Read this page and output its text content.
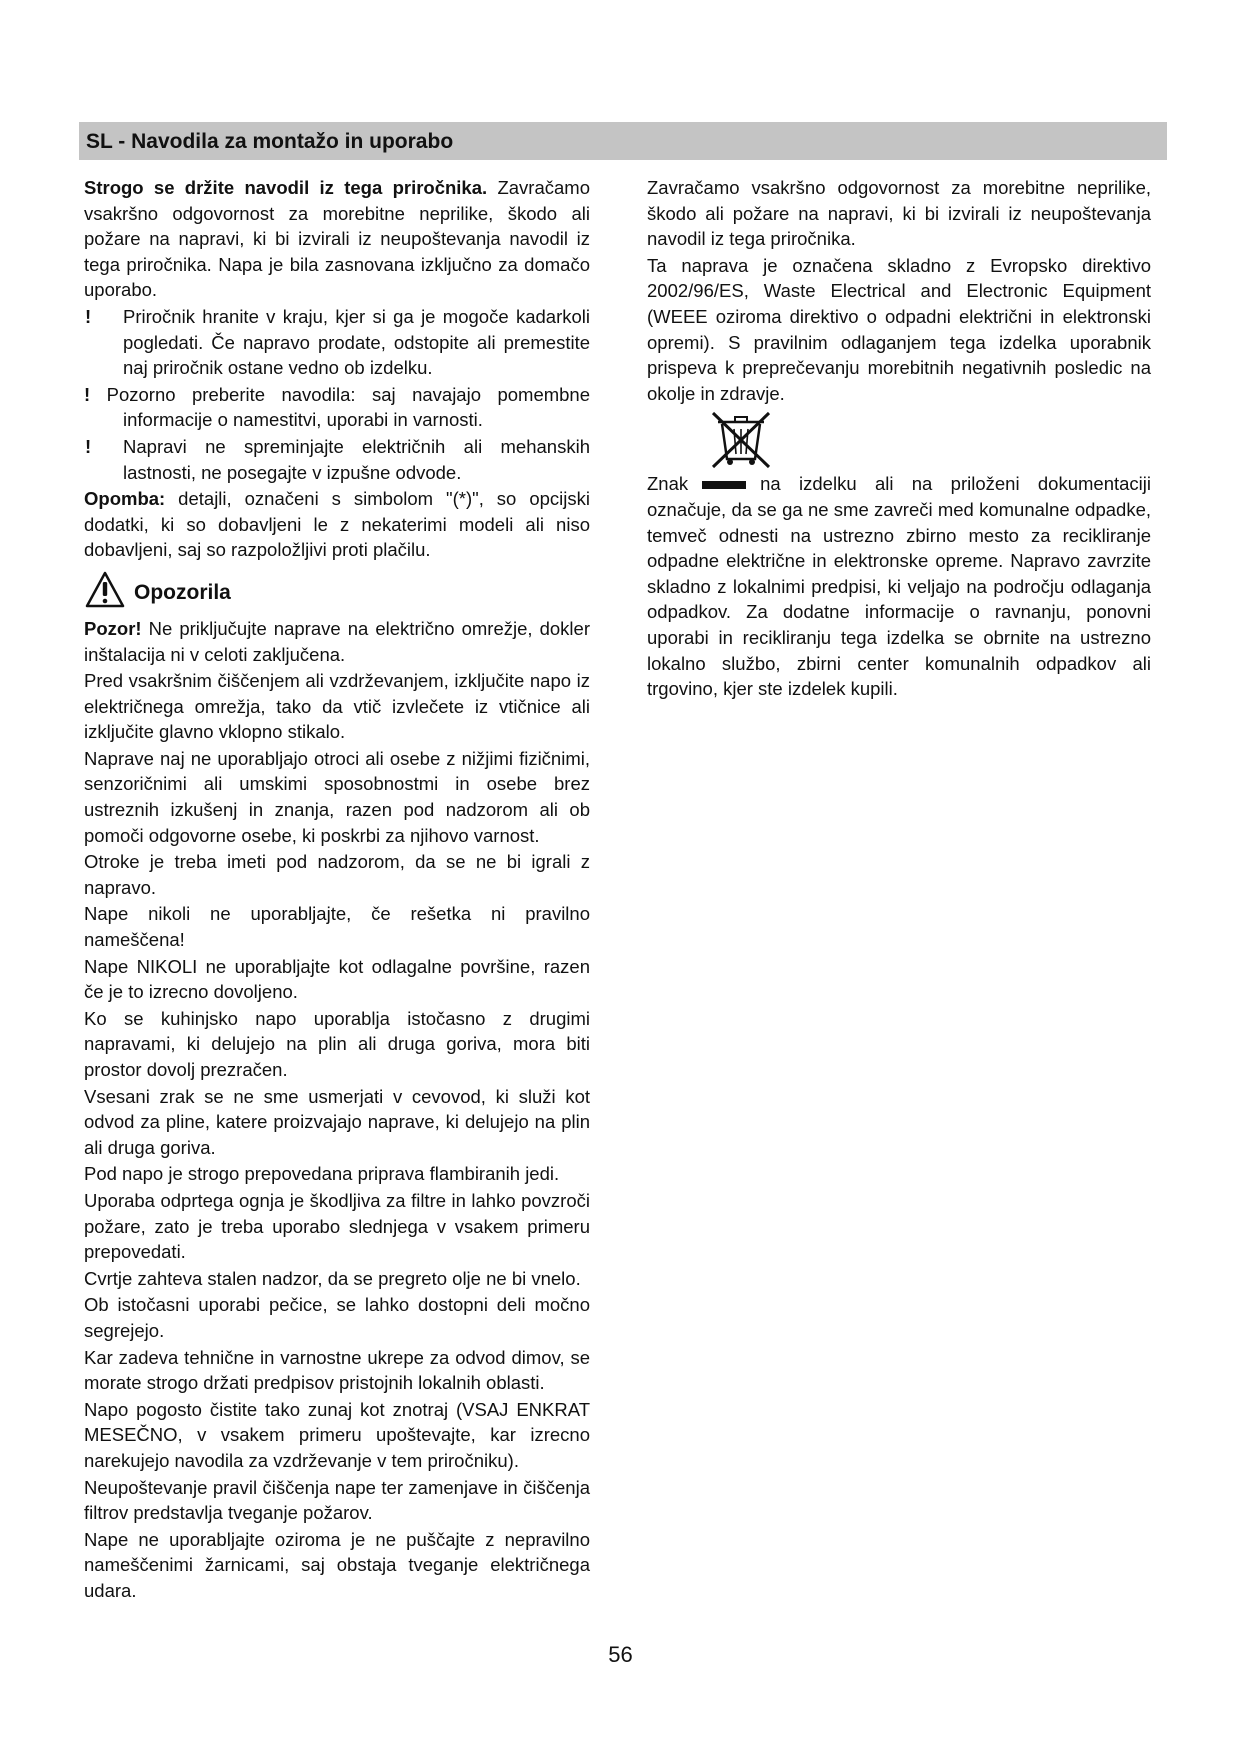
SL - Navodila za montažo in uporabo

Strogo se držite navodil iz tega priročnika. Zavračamo vsakršno odgovornost za morebitne neprilike, škodo ali požare na napravi, ki bi izvirali iz neupoštevanja navodil iz tega priročnika. Napa je bila zasnovana izključno za domačo uporabo.

! Priročnik hranite v kraju, kjer si ga je mogoče kadarkoli pogledati. Če napravo prodate, odstopite ali premestite naj priročnik ostane vedno ob izdelku.

! Pozorno preberite navodila: saj navajajo pomembne informacije o namestitvi, uporabi in varnosti.

! Napravi ne spreminjajte električnih ali mehanskih lastnosti, ne posegajte v izpušne odvode.

Opomba: detajli, označeni s simbolom "(*)", so opcijski dodatki, ki so dobavljeni le z nekaterimi modeli ali niso dobavljeni, saj so razpoložljivi proti plačilu.

Opozorila

Pozor! Ne priključujte naprave na električno omrežje, dokler inštalacija ni v celoti zaključena.

Pred vsakršnim čiščenjem ali vzdrževanjem, izključite napo iz električnega omrežja, tako da vtič izvlečete iz vtičnice ali izključite glavno vklopno stikalo.

Naprave naj ne uporabljajo otroci ali osebe z nižjimi fizičnimi, senzoričnimi ali umskimi sposobnostmi in osebe brez ustreznih izkušenj in znanja, razen pod nadzorom ali ob pomoči odgovorne osebe, ki poskrbi za njihovo varnost.

Otroke je treba imeti pod nadzorom, da se ne bi igrali z napravo.

Nape nikoli ne uporabljajte, če rešetka ni pravilno nameščena!

Nape NIKOLI ne uporabljajte kot odlagalne površine, razen če je to izrecno dovoljeno.

Ko se kuhinjsko napo uporablja istočasno z drugimi napravami, ki delujejo na plin ali druga goriva, mora biti prostor dovolj prezračen.

Vsesani zrak se ne sme usmerjati v cevovod, ki služi kot odvod za pline, katere proizvajajo naprave, ki delujejo na plin ali druga goriva.

Pod napo je strogo prepovedana priprava flambiranih jedi.

Uporaba odprtega ognja je škodljiva za filtre in lahko povzroči požare, zato je treba uporabo slednjega v vsakem primeru prepovedati.

Cvrtje zahteva stalen nadzor, da se pregreto olje ne bi vnelo.

Ob istočasni uporabi pečice, se lahko dostopni deli močno segrejejo.

Kar zadeva tehnične in varnostne ukrepe za odvod dimov, se morate strogo držati predpisov pristojnih lokalnih oblasti.

Napo pogosto čistite tako zunaj kot znotraj (VSAJ ENKRAT MESEČNO, v vsakem primeru upoštevajte, kar izrecno narekujejo navodila za vzdrževanje v tem priročniku).

Neupoštevanje pravil čiščenja nape ter zamenjave in čiščenja filtrov predstavlja tveganje požarov.

Nape ne uporabljajte oziroma je ne puščajte z nepravilno nameščenimi žarnicami, saj obstaja tveganje električnega udara.

Zavračamo vsakršno odgovornost za morebitne neprilike, škodo ali požare na napravi, ki bi izvirali iz neupoštevanja navodil iz tega priročnika.

Ta naprava je označena skladno z Evropsko direktivo 2002/96/ES, Waste Electrical and Electronic Equipment (WEEE oziroma direktivo o odpadni električni in elektronski opremi). S pravilnim odlaganjem tega izdelka uporabnik prispeva k preprečevanju morebitnih negativnih posledic na okolje in zdravje.

Znak	na izdelku ali na priloženi dokumentaciji označuje, da se ga ne sme zavreči med komunalne odpadke, temveč odnesti na ustrezno zbirno mesto za recikliranje odpadne električne in elektronske opreme. Napravo zavrzite skladno z lokalnimi predpisi, ki veljajo na področju odlaganja odpadkov. Za dodatne informacije o ravnanju, ponovni uporabi in recikliranju tega izdelka se obrnite na ustrezno lokalno službo, zbirni center komunalnih odpadkov ali trgovino, kjer ste izdelek kupili.

56
